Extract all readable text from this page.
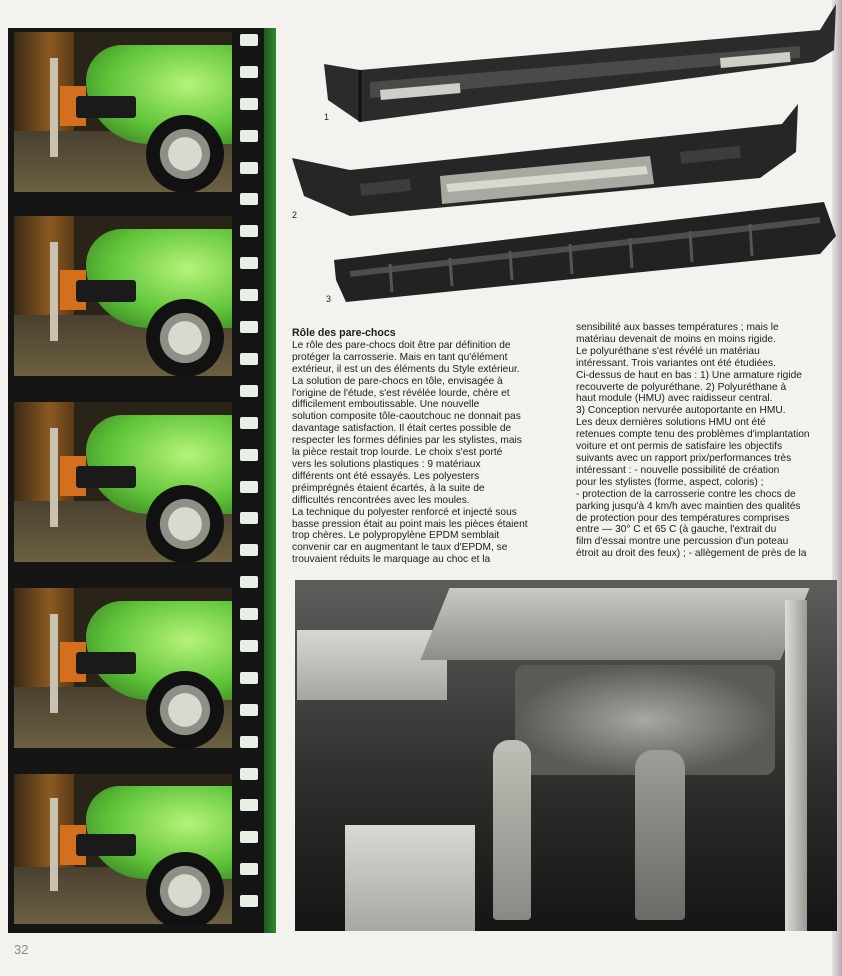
1
2
3

Rôle des pare-chocs

Le rôle des pare-chocs doit être par définition de

protéger la carrosserie. Mais en tant qu'élément

extérieur, il est un des éléments du Style extérieur.

La solution de pare-chocs en tôle, envisagée à

l'origine de l'étude, s'est révélée lourde, chère et

difficilement emboutissable. Une nouvelle

solution composite tôle-caoutchouc ne donnait pas

davantage satisfaction. Il était certes possible de

respecter les formes définies par les stylistes, mais

la pièce restait trop lourde. Le choix s'est porté

vers les solutions plastiques : 9 matériaux

différents ont été essayés. Les polyesters

préimprégnés étaient écartés, à la suite de

difficultés rencontrées avec les moules.

La technique du polyester renforcé et injecté sous

basse pression était au point mais les pièces étaient

trop chères. Le polypropylène EPDM semblait

convenir car en augmentant le taux d'EPDM, se

trouvaient réduits le marquage au choc et la

sensibilité aux basses températures ; mais le

matériau devenait de moins en moins rigide.

Le polyuréthane s'est révélé un matériau

intéressant. Trois variantes ont été étudiées.

Ci-dessus de haut en bas : 1) Une armature rigide

recouverte de polyuréthane. 2) Polyuréthane à

haut module (HMU) avec raidisseur central.

3) Conception nervurée autoportante en HMU.

Les deux dernières solutions HMU ont été

retenues compte tenu des problèmes d'implantation

voiture et ont permis de satisfaire les objectifs

suivants avec un rapport prix/performances très

intéressant : - nouvelle possibilité de création

pour les stylistes (forme, aspect, coloris) ;

- protection de la carrosserie contre les chocs de

parking jusqu'à 4 km/h avec maintien des qualités

de protection pour des températures comprises

entre — 30° C et 65 C (à gauche, l'extrait du

film d'essai montre une percussion d'un poteau

étroit au droit des feux) ; - allègement de près de la

32
